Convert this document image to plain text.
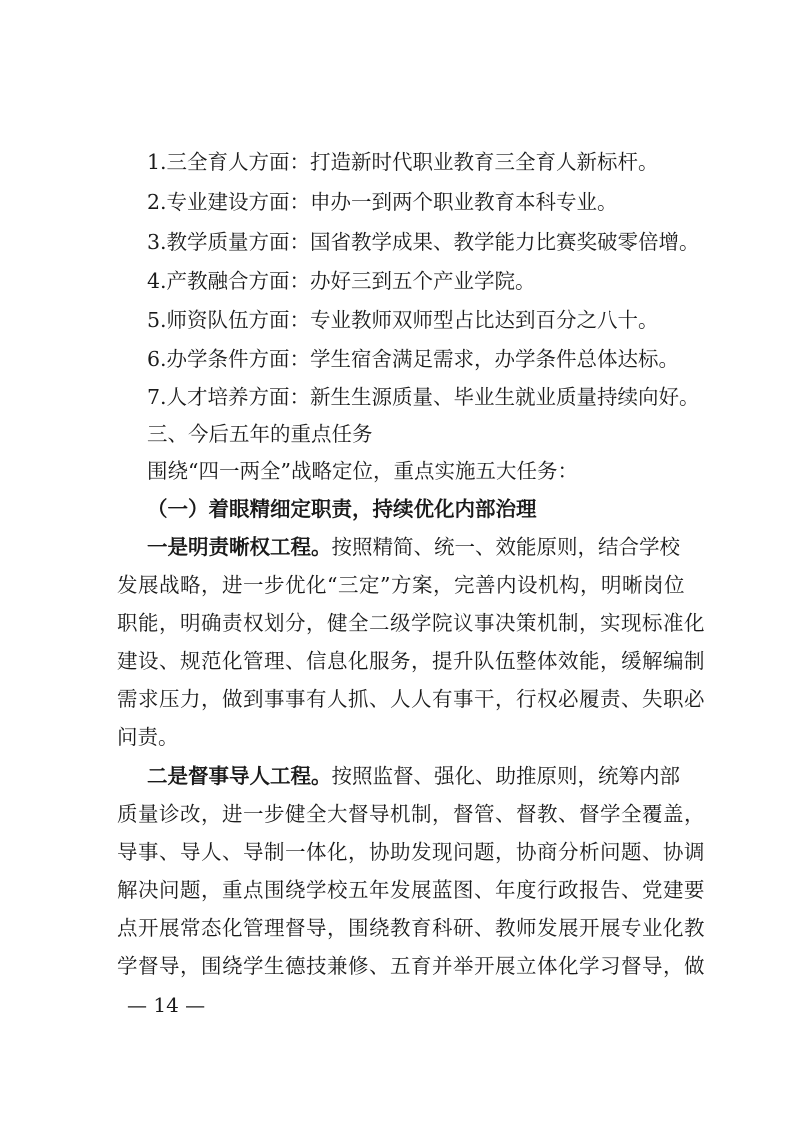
1.三全育人方面：打造新时代职业教育三全育人新标杆。
2.专业建设方面：申办一到两个职业教育本科专业。
3.教学质量方面：国省教学成果、教学能力比赛奖破零倍增。
4.产教融合方面：办好三到五个产业学院。
5.师资队伍方面：专业教师双师型占比达到百分之八十。
6.办学条件方面：学生宿舍满足需求，办学条件总体达标。
7.人才培养方面：新生生源质量、毕业生就业质量持续向好。
三、今后五年的重点任务
围绕“四一两全”战略定位，重点实施五大任务：
（一）着眼精细定职责，持续优化内部治理
一是明责晰权工程。按照精简、统一、效能原则，结合学校
发展战略，进一步优化“三定”方案，完善内设机构，明晰岗位
职能，明确责权划分，健全二级学院议事决策机制，实现标准化
建设、规范化管理、信息化服务，提升队伍整体效能，缓解编制
需求压力，做到事事有人抓、人人有事干，行权必履责、失职必
问责。
二是督事导人工程。按照监督、强化、助推原则，统筹内部
质量诊改，进一步健全大督导机制，督管、督教、督学全覆盖，
导事、导人、导制一体化，协助发现问题，协商分析问题、协调
解决问题，重点围绕学校五年发展蓝图、年度行政报告、党建要
点开展常态化管理督导，围绕教育科研、教师发展开展专业化教
学督导，围绕学生德技兼修、五育并举开展立体化学习督导，做
— 14 —
